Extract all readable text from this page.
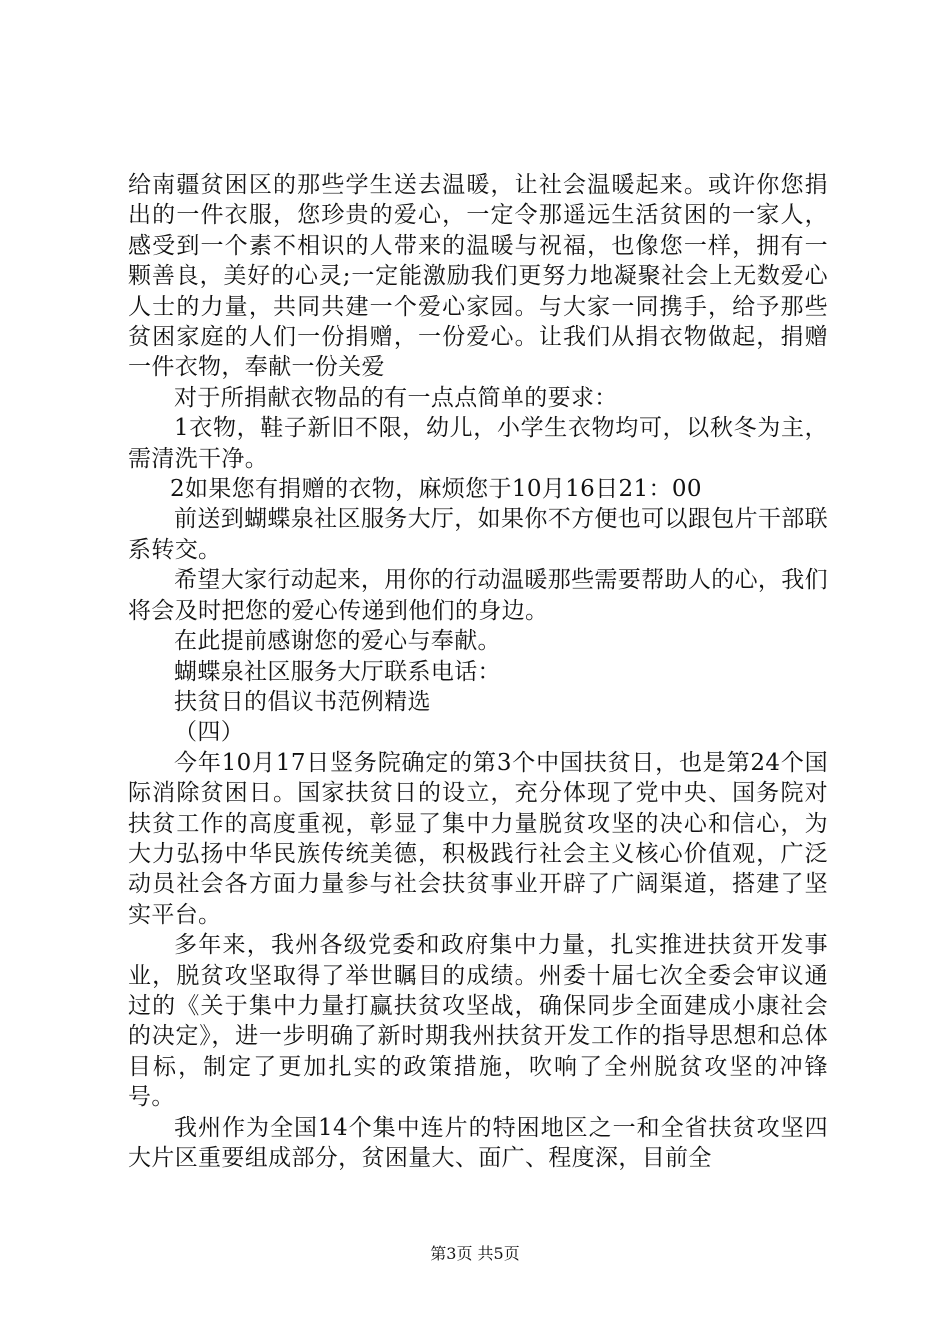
给南疆贫困区的那些学生送去温暖，让社会温暖起来。或许你您捐出的一件衣服，您珍贵的爱心，一定令那遥远生活贫困的一家人，感受到一个素不相识的人带来的温暖与祝福，也像您一样，拥有一颗善良，美好的心灵;一定能激励我们更努力地凝聚社会上无数爱心人士的力量，共同共建一个爱心家园。与大家一同携手，给予那些贫困家庭的人们一份捐赠，一份爱心。让我们从捐衣物做起，捐赠一件衣物，奉献一份关爱

对于所捐献衣物品的有一点点简单的要求：

1衣物，鞋子新旧不限，幼儿，小学生衣物均可，以秋冬为主，需清洗干净。

2如果您有捐赠的衣物，麻烦您于10月16日21：00

前送到蝴蝶泉社区服务大厅，如果你不方便也可以跟包片干部联系转交。

希望大家行动起来，用你的行动温暖那些需要帮助人的心，我们将会及时把您的爱心传递到他们的身边。

在此提前感谢您的爱心与奉献。

蝴蝶泉社区服务大厅联系电话：

扶贫日的倡议书范例精选

（四）

今年10月17日竖务院确定的第3个中国扶贫日，也是第24个国际消除贫困日。国家扶贫日的设立，充分体现了党中央、国务院对扶贫工作的高度重视，彰显了集中力量脱贫攻坚的决心和信心，为大力弘扬中华民族传统美德，积极践行社会主义核心价值观，广泛动员社会各方面力量参与社会扶贫事业开辟了广阔渠道，搭建了坚实平台。

多年来，我州各级党委和政府集中力量，扎实推进扶贫开发事业，脱贫攻坚取得了举世瞩目的成绩。州委十届七次全委会审议通过的《关于集中力量打赢扶贫攻坚战，确保同步全面建成小康社会的决定》，进一步明确了新时期我州扶贫开发工作的指导思想和总体目标，制定了更加扎实的政策措施，吹响了全州脱贫攻坚的冲锋号。

我州作为全国14个集中连片的特困地区之一和全省扶贫攻坚四大片区重要组成部分，贫困量大、面广、程度深，目前全

第3页 共5页
